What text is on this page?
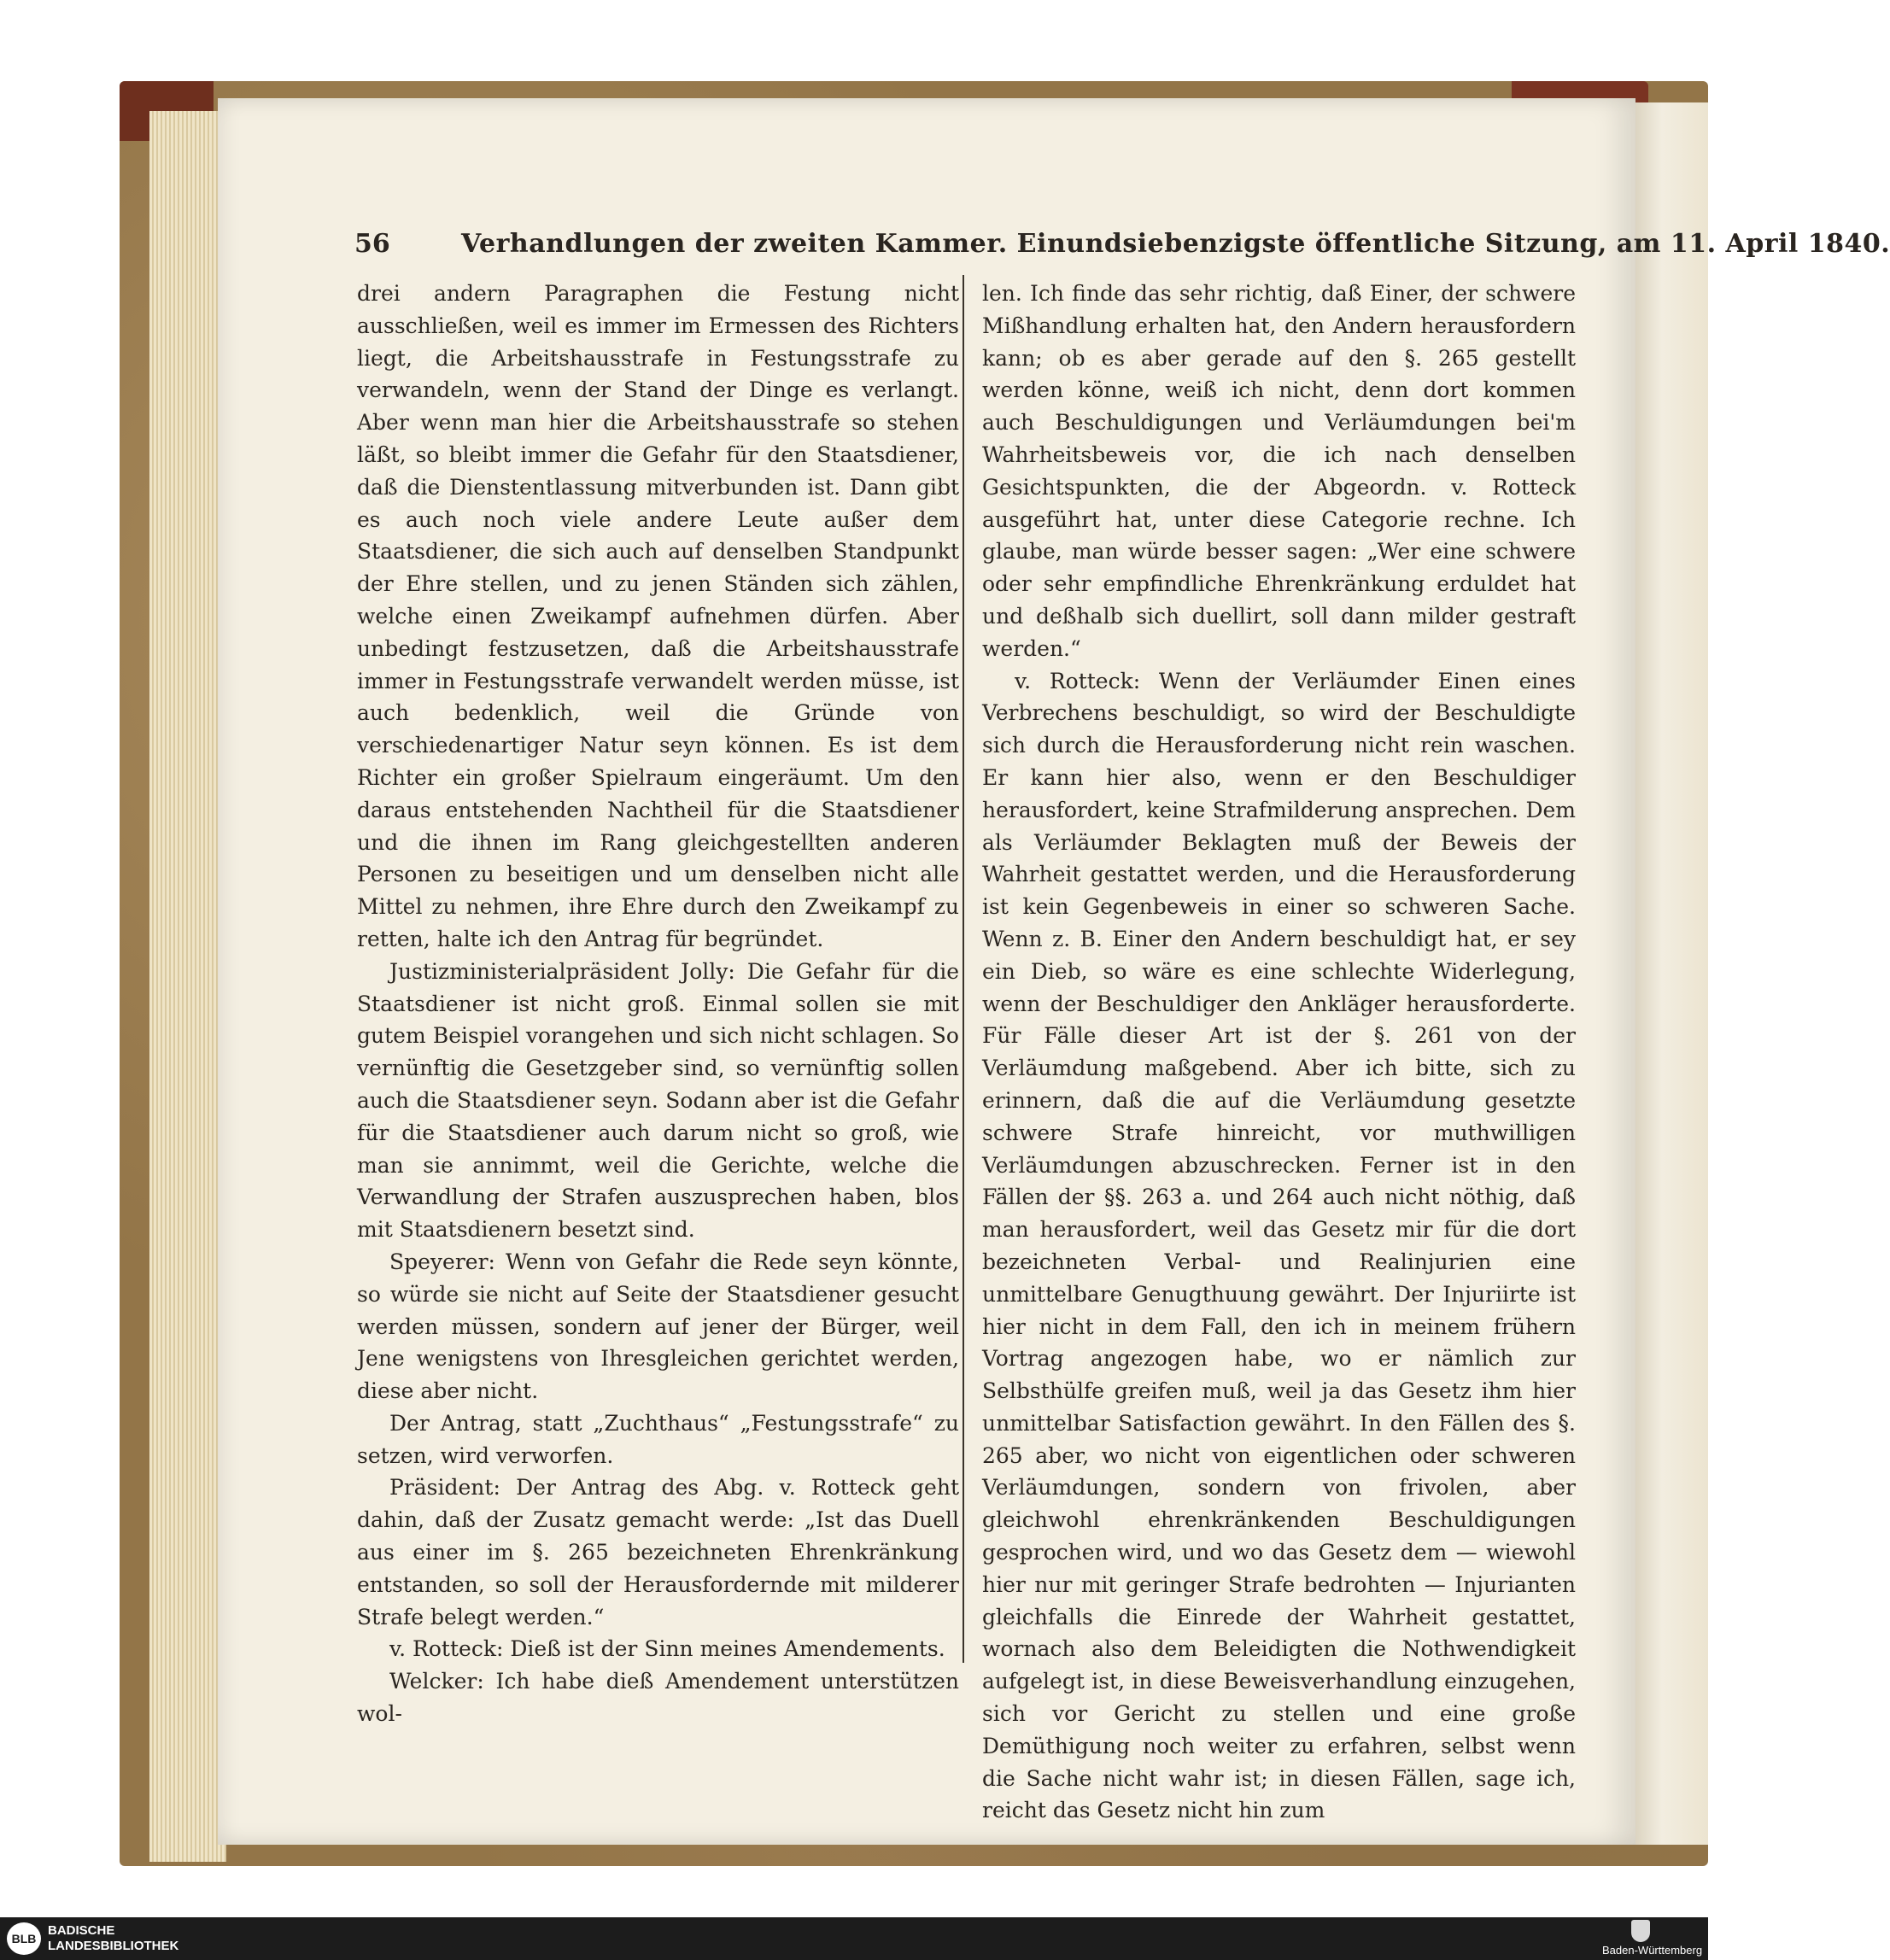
56	Verhandlungen der zweiten Kammer. Einundsiebenzigste öffentliche Sitzung, am 11. April 1840.

drei andern Paragraphen die Festung nicht ausschließen, weil es immer im Ermessen des Richters liegt, die Arbeitshausstrafe in Festungsstrafe zu verwandeln, wenn der Stand der Dinge es verlangt. Aber wenn man hier die Arbeitshausstrafe so stehen läßt, so bleibt immer die Gefahr für den Staatsdiener, daß die Dienstentlassung mitverbunden ist. Dann gibt es auch noch viele andere Leute außer dem Staatsdiener, die sich auch auf denselben Standpunkt der Ehre stellen, und zu jenen Ständen sich zählen, welche einen Zweikampf aufnehmen dürfen. Aber unbedingt festzusetzen, daß die Arbeitshausstrafe immer in Festungsstrafe verwandelt werden müsse, ist auch bedenklich, weil die Gründe von verschiedenartiger Natur seyn können. Es ist dem Richter ein großer Spielraum eingeräumt. Um den daraus entstehenden Nachtheil für die Staatsdiener und die ihnen im Rang gleichgestellten anderen Personen zu beseitigen und um denselben nicht alle Mittel zu nehmen, ihre Ehre durch den Zweikampf zu retten, halte ich den Antrag für begründet.

Justizministerialpräsident Jolly: Die Gefahr für die Staatsdiener ist nicht groß. Einmal sollen sie mit gutem Beispiel vorangehen und sich nicht schlagen. So vernünftig die Gesetzgeber sind, so vernünftig sollen auch die Staatsdiener seyn. Sodann aber ist die Gefahr für die Staatsdiener auch darum nicht so groß, wie man sie annimmt, weil die Gerichte, welche die Verwandlung der Strafen auszusprechen haben, blos mit Staatsdienern besetzt sind.

Speyerer: Wenn von Gefahr die Rede seyn könnte, so würde sie nicht auf Seite der Staatsdiener gesucht werden müssen, sondern auf jener der Bürger, weil Jene wenigstens von Ihresgleichen gerichtet werden, diese aber nicht.

Der Antrag, statt „Zuchthaus“ „Festungsstrafe“ zu setzen, wird verworfen.

Präsident: Der Antrag des Abg. v. Rotteck geht dahin, daß der Zusatz gemacht werde: „Ist das Duell aus einer im §. 265 bezeichneten Ehrenkränkung entstanden, so soll der Herausfordernde mit milderer Strafe belegt werden.“

v. Rotteck: Dieß ist der Sinn meines Amendements.

Welcker: Ich habe dieß Amendement unterstützen wol-

len. Ich finde das sehr richtig, daß Einer, der schwere Mißhandlung erhalten hat, den Andern herausfordern kann; ob es aber gerade auf den §. 265 gestellt werden könne, weiß ich nicht, denn dort kommen auch Beschuldigungen und Verläumdungen bei'm Wahrheitsbeweis vor, die ich nach denselben Gesichtspunkten, die der Abgeordn. v. Rotteck ausgeführt hat, unter diese Categorie rechne. Ich glaube, man würde besser sagen: „Wer eine schwere oder sehr empfindliche Ehrenkränkung erduldet hat und deßhalb sich duellirt, soll dann milder gestraft werden.“

v. Rotteck: Wenn der Verläumder Einen eines Verbrechens beschuldigt, so wird der Beschuldigte sich durch die Herausforderung nicht rein waschen. Er kann hier also, wenn er den Beschuldiger herausfordert, keine Strafmilderung ansprechen. Dem als Verläumder Beklagten muß der Beweis der Wahrheit gestattet werden, und die Herausforderung ist kein Gegenbeweis in einer so schweren Sache. Wenn z. B. Einer den Andern beschuldigt hat, er sey ein Dieb, so wäre es eine schlechte Widerlegung, wenn der Beschuldiger den Ankläger herausforderte. Für Fälle dieser Art ist der §. 261 von der Verläumdung maßgebend. Aber ich bitte, sich zu erinnern, daß die auf die Verläumdung gesetzte schwere Strafe hinreicht, vor muthwilligen Verläumdungen abzuschrecken. Ferner ist in den Fällen der §§. 263 a. und 264 auch nicht nöthig, daß man herausfordert, weil das Gesetz mir für die dort bezeichneten Verbal- und Realinjurien eine unmittelbare Genugthuung gewährt. Der Injuriirte ist hier nicht in dem Fall, den ich in meinem frühern Vortrag angezogen habe, wo er nämlich zur Selbsthülfe greifen muß, weil ja das Gesetz ihm hier unmittelbar Satisfaction gewährt. In den Fällen des §. 265 aber, wo nicht von eigentlichen oder schweren Verläumdungen, sondern von frivolen, aber gleichwohl ehrenkränkenden Beschuldigungen gesprochen wird, und wo das Gesetz dem — wiewohl hier nur mit geringer Strafe bedrohten — Injurianten gleichfalls die Einrede der Wahrheit gestattet, wornach also dem Beleidigten die Nothwendigkeit aufgelegt ist, in diese Beweisverhandlung einzugehen, sich vor Gericht zu stellen und eine große Demüthigung noch weiter zu erfahren, selbst wenn die Sache nicht wahr ist; in diesen Fällen, sage ich, reicht das Gesetz nicht hin zum

BLB
BADISCHE
LANDESBIBLIOTHEK	Baden-Württemberg
